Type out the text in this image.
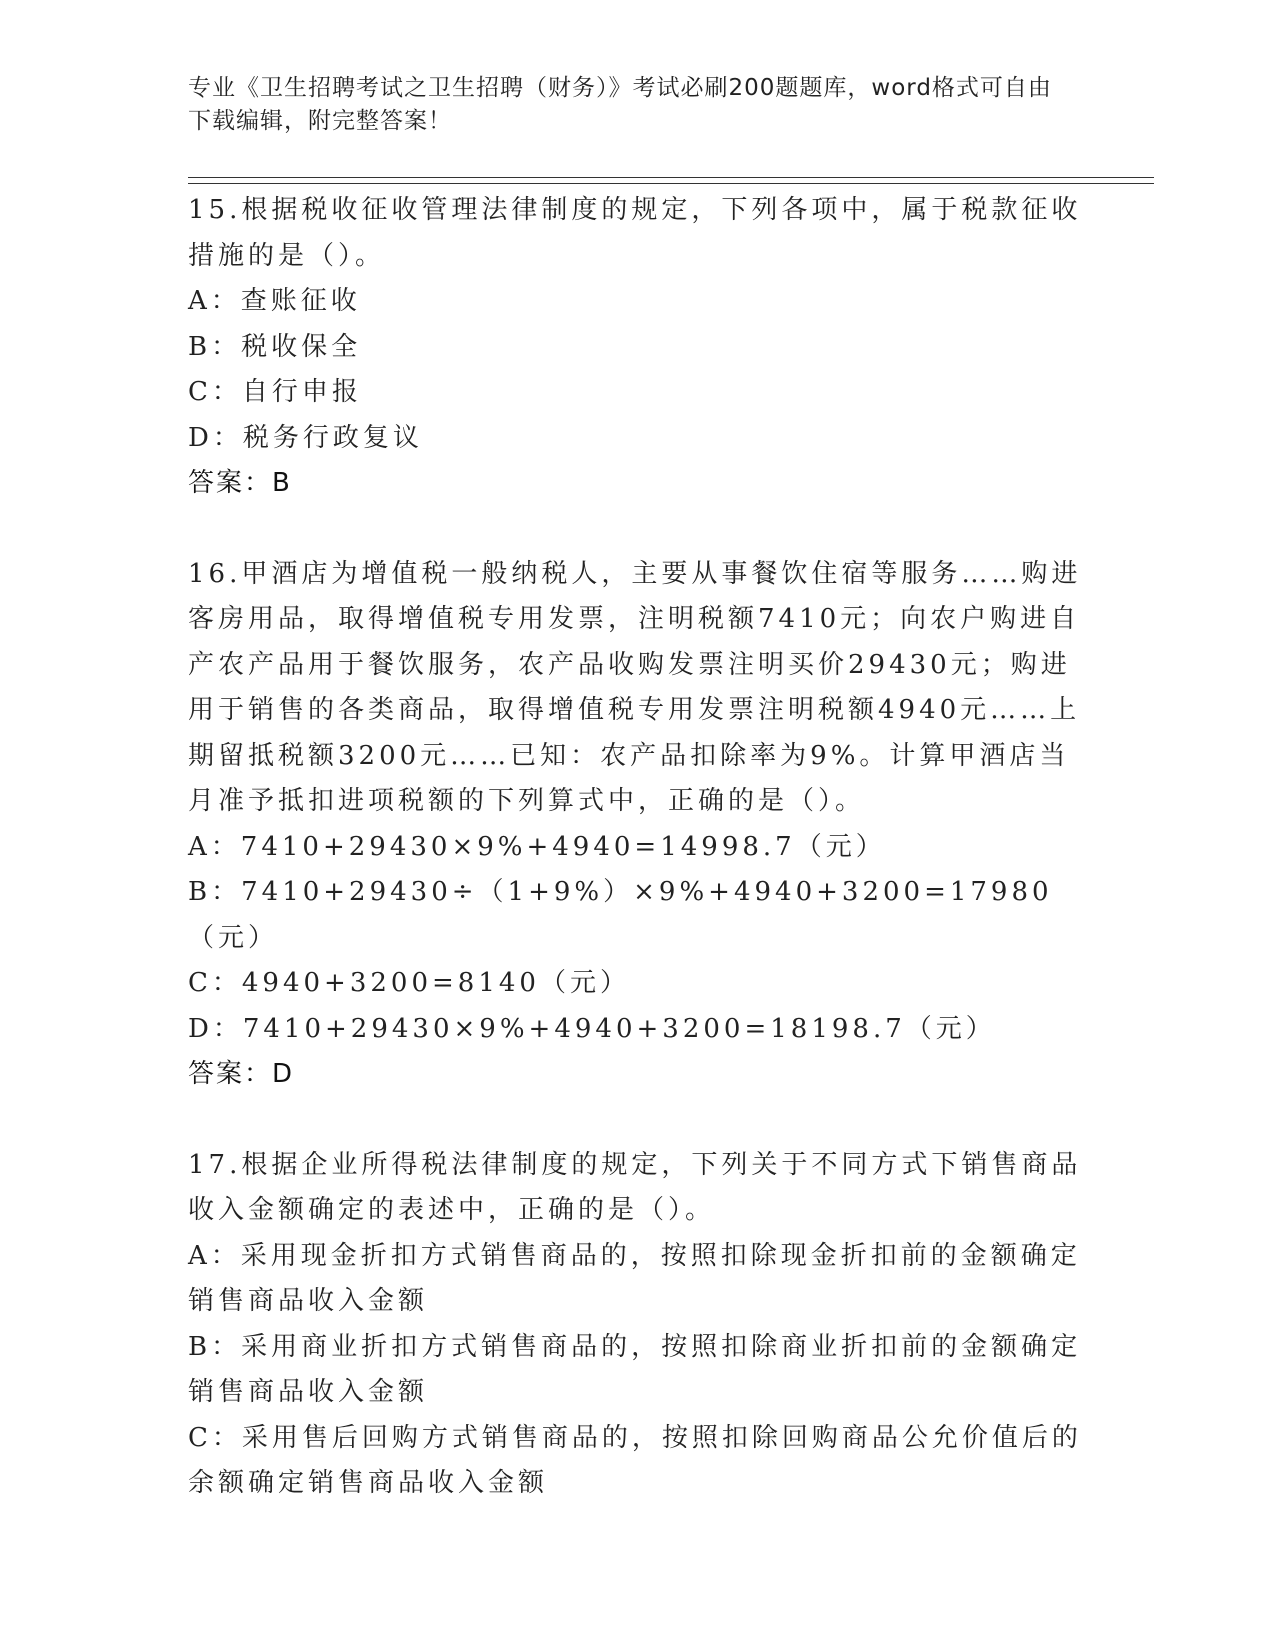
专业《卫生招聘考试之卫生招聘（财务）》考试必刷200题题库，word格式可自由下载编辑，附完整答案！

15.根据税收征收管理法律制度的规定，下列各项中，属于税款征收措施的是（）。

A：查账征收

B：税收保全

C：自行申报

D：税务行政复议

答案：B

16.甲酒店为增值税一般纳税人，主要从事餐饮住宿等服务……购进客房用品，取得增值税专用发票，注明税额7410元；向农户购进自产农产品用于餐饮服务，农产品收购发票注明买价29430元；购进用于销售的各类商品，取得增值税专用发票注明税额4940元……上期留抵税额3200元……已知：农产品扣除率为9%。计算甲酒店当月准予抵扣进项税额的下列算式中，正确的是（）。

A：7410+29430×9%+4940=14998.7（元）

B：7410+29430÷（1+9%）×9%+4940+3200=17980（元）

C：4940+3200=8140（元）

D：7410+29430×9%+4940+3200=18198.7（元）

答案：D

17.根据企业所得税法律制度的规定，下列关于不同方式下销售商品收入金额确定的表述中，正确的是（）。

A：采用现金折扣方式销售商品的，按照扣除现金折扣前的金额确定销售商品收入金额

B：采用商业折扣方式销售商品的，按照扣除商业折扣前的金额确定销售商品收入金额

C：采用售后回购方式销售商品的，按照扣除回购商品公允价值后的余额确定销售商品收入金额
